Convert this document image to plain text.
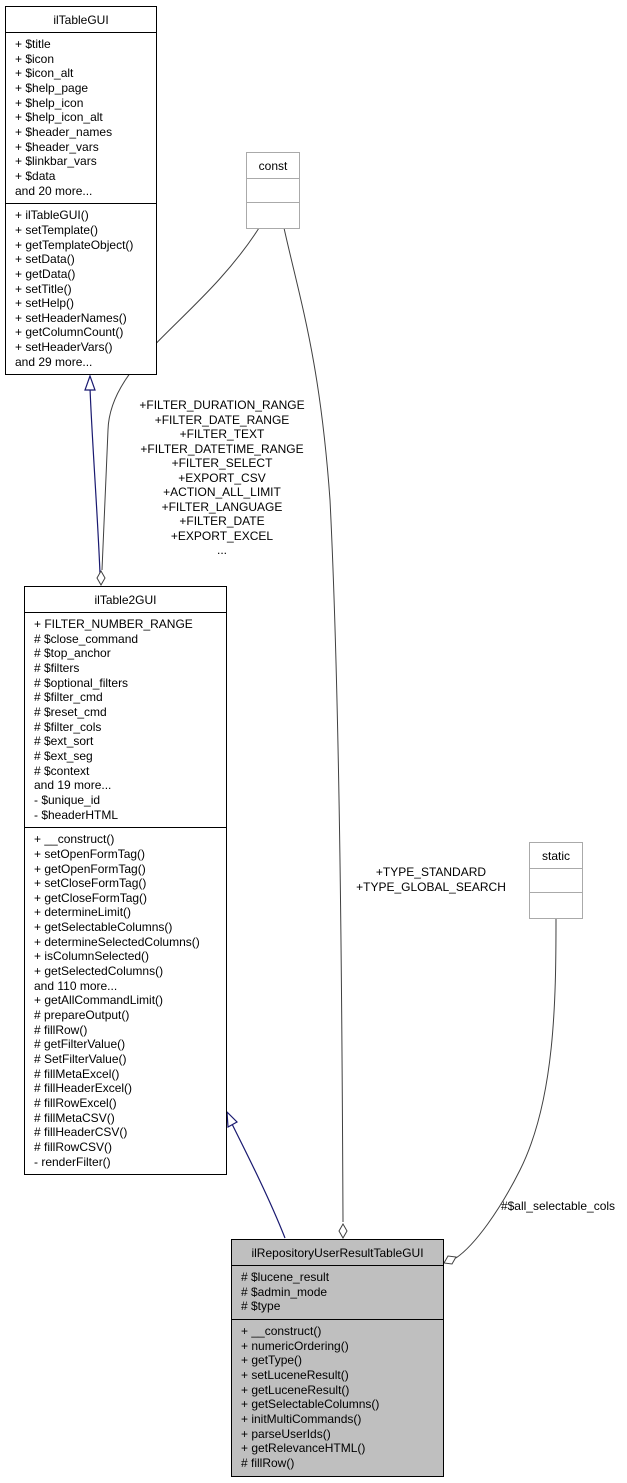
ilTableGUI
+ $title
+ $icon
+ $icon_alt
+ $help_page
+ $help_icon
+ $help_icon_alt
+ $header_names
+ $header_vars
+ $linkbar_vars
+ $data
and 20 more...
+ ilTableGUI()
+ setTemplate()
+ getTemplateObject()
+ setData()
+ getData()
+ setTitle()
+ setHelp()
+ setHeaderNames()
+ getColumnCount()
+ setHeaderVars()
and 29 more...
const
static
ilTable2GUI
+ FILTER_NUMBER_RANGE
# $close_command
# $top_anchor
# $filters
# $optional_filters
# $filter_cmd
# $reset_cmd
# $filter_cols
# $ext_sort
# $ext_seg
# $context
and 19 more...
- $unique_id
- $headerHTML
+ __construct()
+ setOpenFormTag()
+ getOpenFormTag()
+ setCloseFormTag()
+ getCloseFormTag()
+ determineLimit()
+ getSelectableColumns()
+ determineSelectedColumns()
+ isColumnSelected()
+ getSelectedColumns()
and 110 more...
+ getAllCommandLimit()
# prepareOutput()
# fillRow()
# getFilterValue()
# SetFilterValue()
# fillMetaExcel()
# fillHeaderExcel()
# fillRowExcel()
# fillMetaCSV()
# fillHeaderCSV()
# fillRowCSV()
- renderFilter()
ilRepositoryUserResultTableGUI
# $lucene_result
# $admin_mode
# $type
+ __construct()
+ numericOrdering()
+ getType()
+ setLuceneResult()
+ getLuceneResult()
+ getSelectableColumns()
+ initMultiCommands()
+ parseUserIds()
+ getRelevanceHTML()
# fillRow()
+FILTER_DURATION_RANGE
+FILTER_DATE_RANGE
+FILTER_TEXT
+FILTER_DATETIME_RANGE
+FILTER_SELECT
+EXPORT_CSV
+ACTION_ALL_LIMIT
+FILTER_LANGUAGE
+FILTER_DATE
+EXPORT_EXCEL
...
+TYPE_STANDARD
+TYPE_GLOBAL_SEARCH
#$all_selectable_cols
